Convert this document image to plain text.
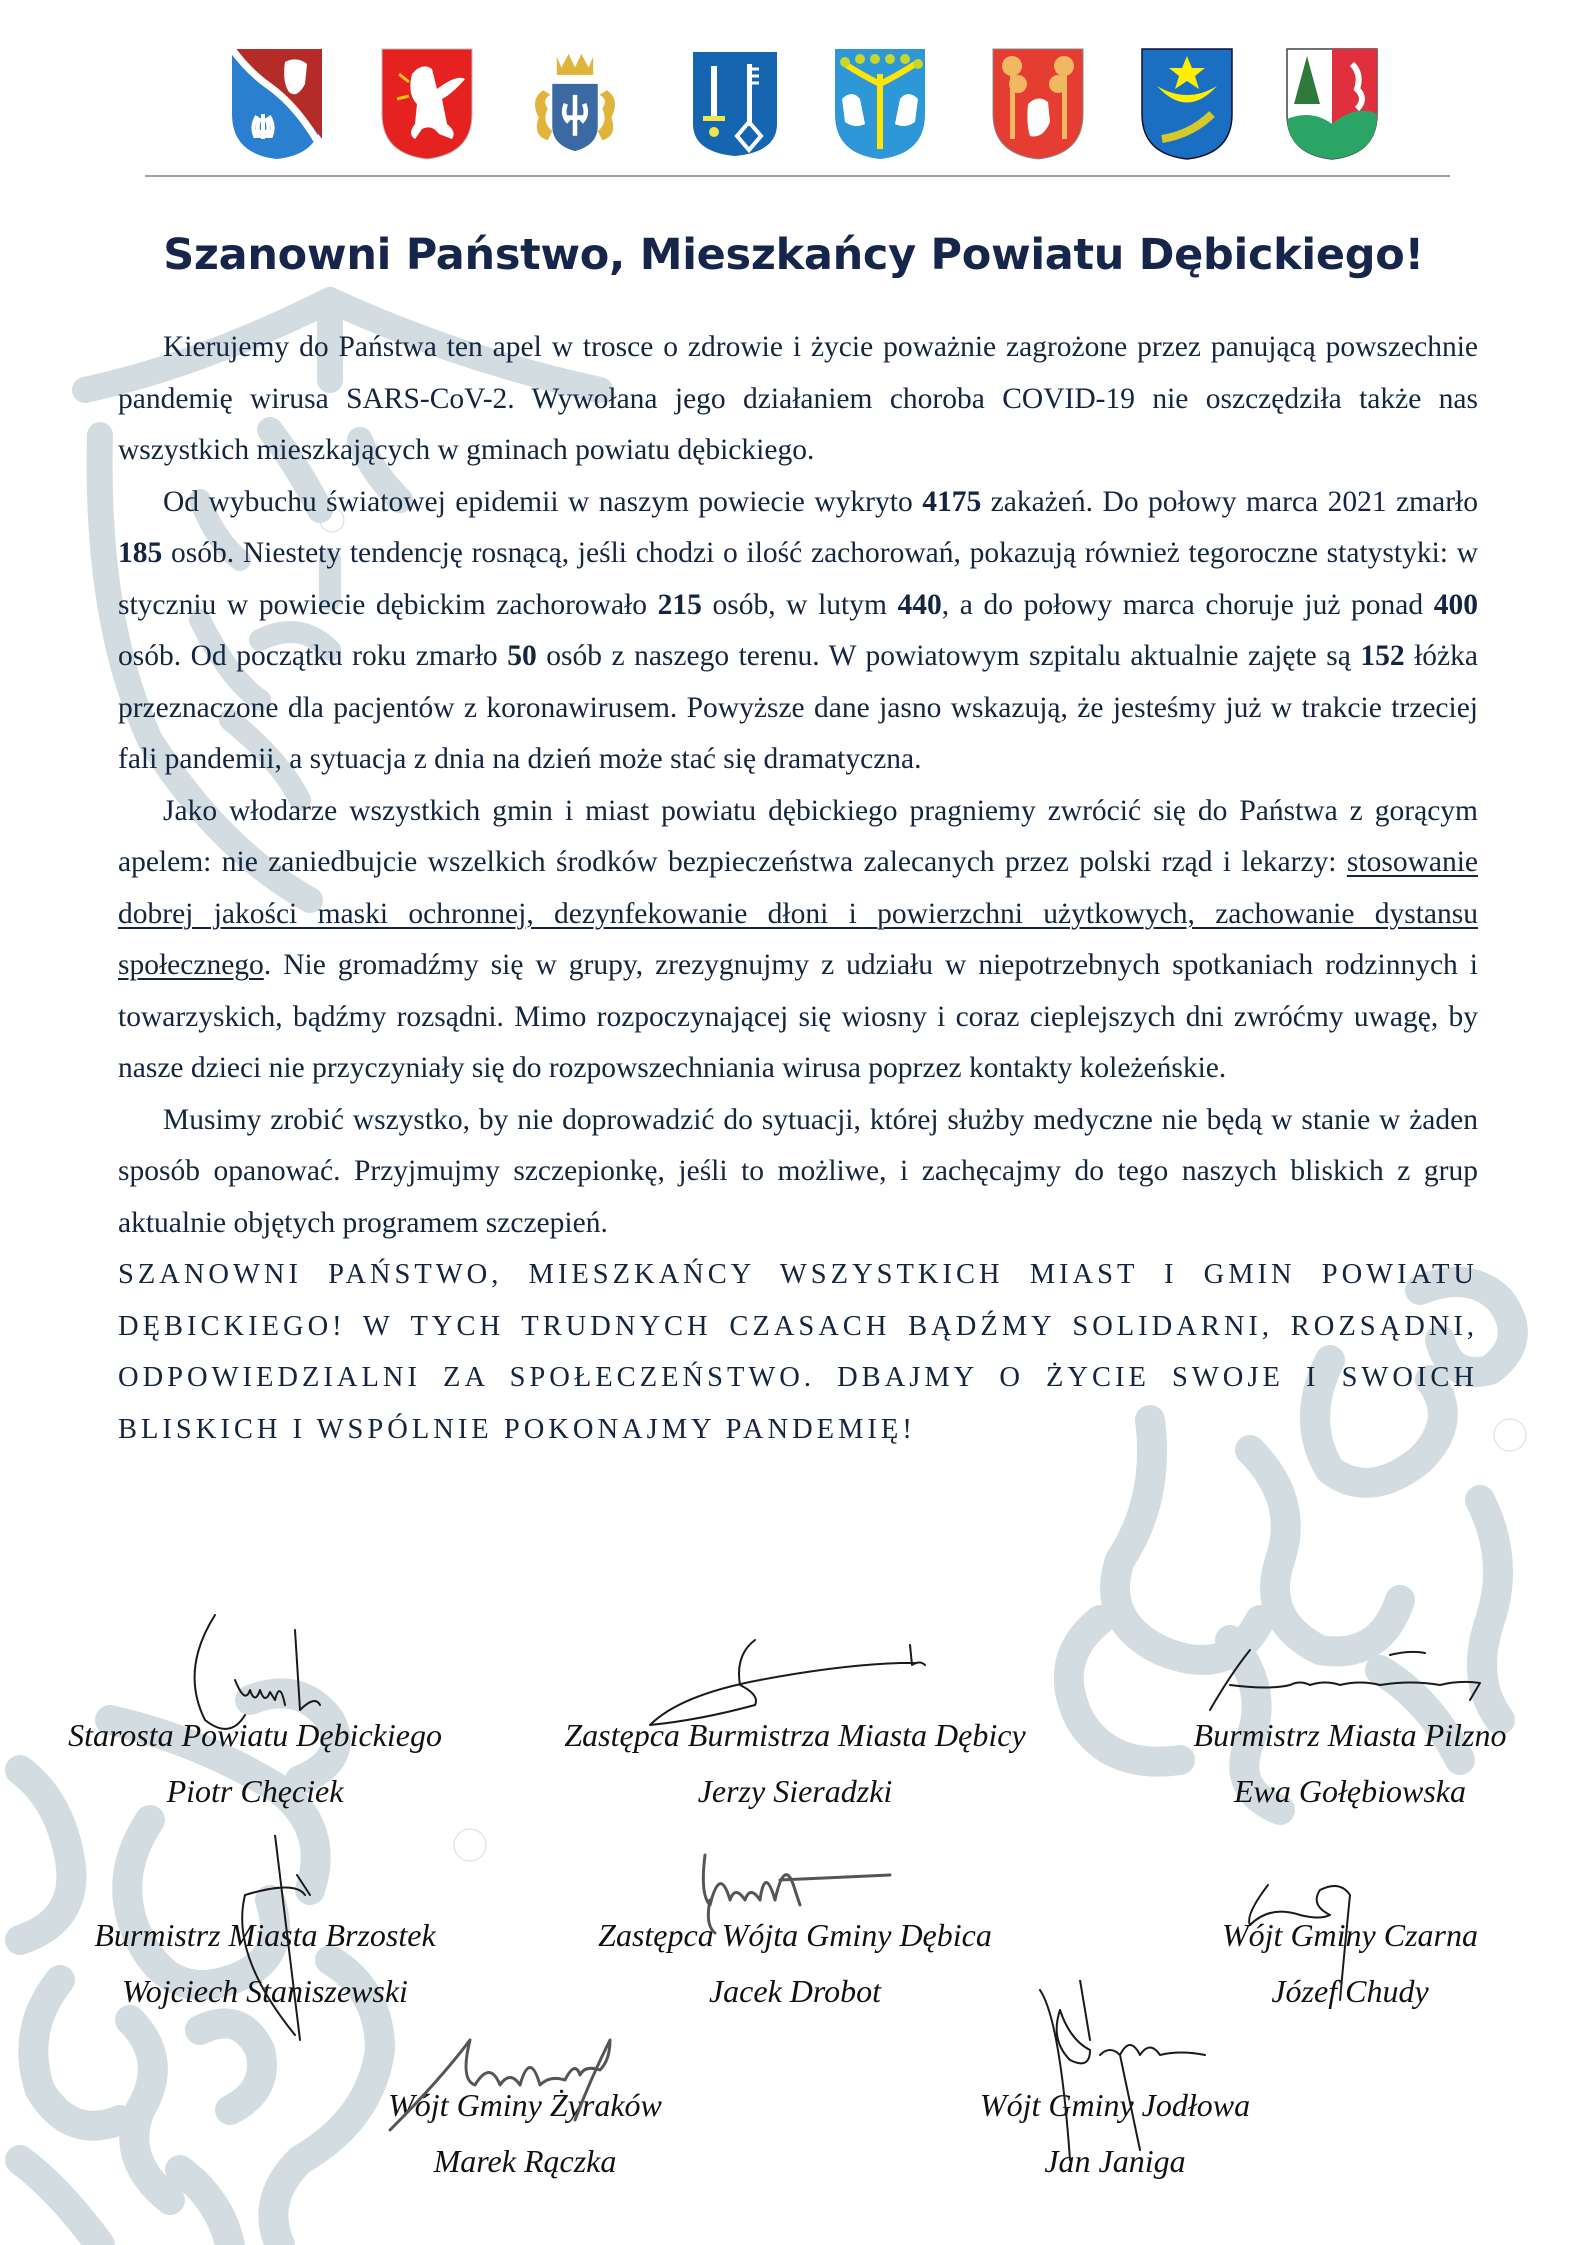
Szanowni Państwo, Mieszkańcy Powiatu Dębickiego!

Kierujemy do Państwa ten apel w trosce o zdrowie i życie poważnie zagrożone przez panującą powszechnie pandemię wirusa SARS-CoV-2. Wywołana jego działaniem choroba COVID-19 nie oszczędziła także nas wszystkich mieszkających w gminach powiatu dębickiego.

Od wybuchu światowej epidemii w naszym powiecie wykryto 4175 zakażeń. Do połowy marca 2021 zmarło 185 osób. Niestety tendencję rosnącą, jeśli chodzi o ilość zachorowań, pokazują również tegoroczne statystyki: w styczniu w powiecie dębickim zachorowało 215 osób, w lutym 440, a do połowy marca choruje już ponad 400 osób. Od początku roku zmarło 50 osób z naszego terenu. W powiatowym szpitalu aktualnie zajęte są 152 łóżka przeznaczone dla pacjentów z koronawirusem. Powyższe dane jasno wskazują, że jesteśmy już w trakcie trzeciej fali pandemii, a sytuacja z dnia na dzień może stać się dramatyczna.

Jako włodarze wszystkich gmin i miast powiatu dębickiego pragniemy zwrócić się do Państwa z gorącym apelem: nie zaniedbujcie wszelkich środków bezpieczeństwa zalecanych przez polski rząd i lekarzy: stosowanie dobrej jakości maski ochronnej, dezynfekowanie dłoni i powierzchni użytkowych, zachowanie dystansu społecznego. Nie gromadźmy się w grupy, zrezygnujmy z udziału w niepotrzebnych spotkaniach rodzinnych i towarzyskich, bądźmy rozsądni. Mimo rozpoczynającej się wiosny i coraz cieplejszych dni zwróćmy uwagę, by nasze dzieci nie przyczyniały się do rozpowszechniania wirusa poprzez kontakty koleżeńskie.

Musimy zrobić wszystko, by nie doprowadzić do sytuacji, której służby medyczne nie będą w stanie w żaden sposób opanować. Przyjmujmy szczepionkę, jeśli to możliwe, i zachęcajmy do tego naszych bliskich z grup aktualnie objętych programem szczepień.

SZANOWNI PAŃSTWO, MIESZKAŃCY WSZYSTKICH MIAST I GMIN POWIATU DĘBICKIEGO! W TYCH TRUDNYCH CZASACH BĄDŹMY SOLIDARNI, ROZSĄDNI, ODPOWIEDZIALNI ZA SPOŁECZEŃSTWO. DBAJMY O ŻYCIE SWOJE I SWOICH BLISKICH I WSPÓLNIE POKONAJMY PANDEMIĘ!

Starosta Powiatu Dębickiego
Piotr Chęciek
Zastępca Burmistrza Miasta Dębicy
Jerzy Sieradzki
Burmistrz Miasta Pilzno
Ewa Gołębiowska
Burmistrz Miasta Brzostek
Wojciech Staniszewski
Zastępca Wójta Gminy Dębica
Jacek Drobot
Wójt Gminy Czarna
Józef Chudy
Wójt Gminy Żyraków
Marek Rączka
Wójt Gminy Jodłowa
Jan Janiga
